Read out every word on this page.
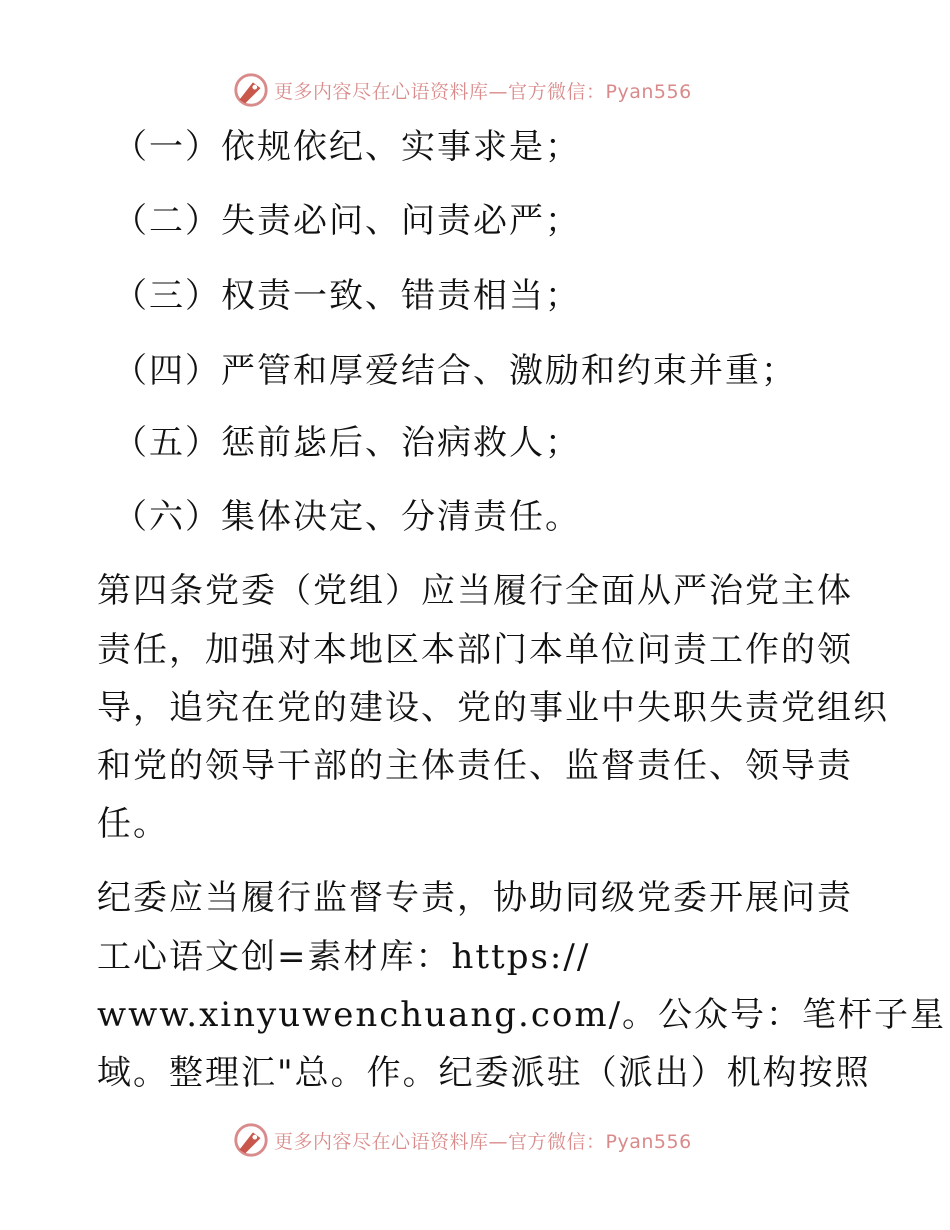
更多内容尽在心语资料库—官方微信：Pyan556
（一）依规依纪、实事求是；
（二）失责必问、问责必严；
（三）权责一致、错责相当；
（四）严管和厚爱结合、激励和约束并重；
（五）惩前毖后、治病救人；
（六）集体决定、分清责任。
第四条党委（党组）应当履行全面从严治党主体
责任，加强对本地区本部门本单位问责工作的领
导，追究在党的建设、党的事业中失职失责党组织
和党的领导干部的主体责任、监督责任、领导责
任。
纪委应当履行监督专责，协助同级党委开展问责
工心语文创=素材库：https://
www.xinyuwenchuang.com/。公众号：笔杆子星
域。整理汇"总。作。纪委派驻（派出）机构按照
更多内容尽在心语资料库—官方微信：Pyan556
